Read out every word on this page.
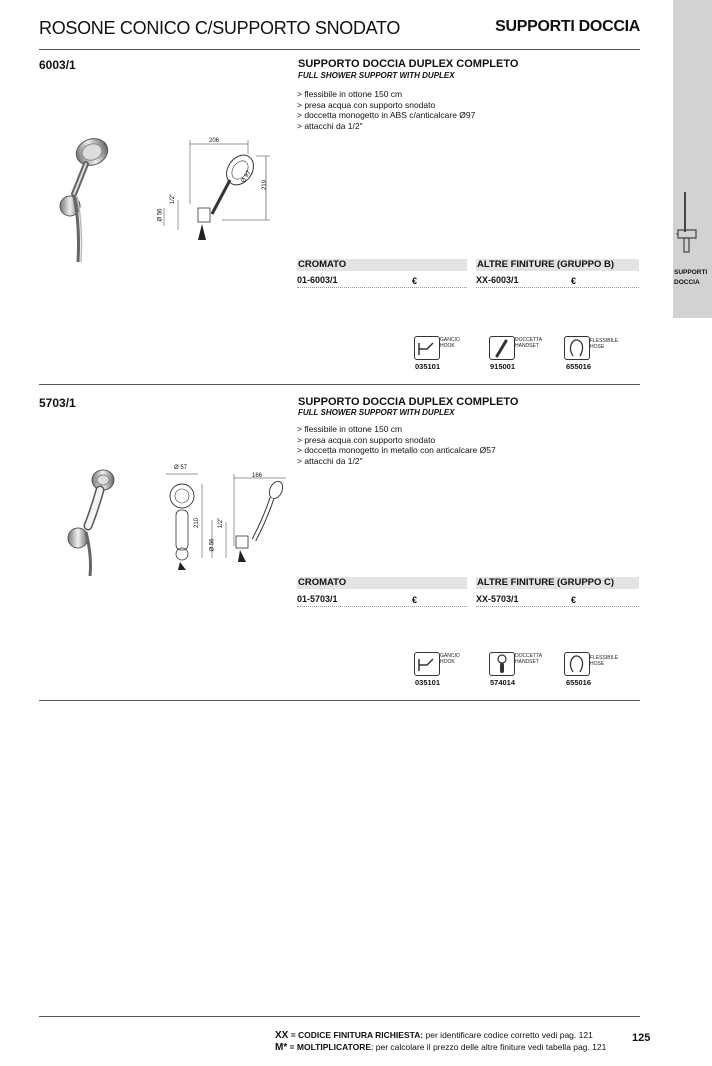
ROSONE CONICO C/SUPPORTO SNODATO	SUPPORTI DOCCIA
SUPPORTI
DOCCIA
6003/1	SUPPORTO DOCCIA DUPLEX COMPLETO
FULL SHOWER SUPPORT WITH DUPLEX
> flessibile in ottone 150 cm
> presa acqua con supporto snodato
> doccetta monogetto in ABS c/anticalcare Ø97
> attacchi da 1/2"
206
219
Ø 97
1/2"
Ø 56
CROMATO	ALTRE FINITURE (GRUPPO B)
01-6003/1	€	XX-6003/1	€
GANCIO
HOOK
035101
DOCCETTA
HANDSET
915001
FLESSIBILE
HOSE
655016
5703/1	SUPPORTO DOCCIA DUPLEX COMPLETO
FULL SHOWER SUPPORT WITH DUPLEX
> flessibile in ottone 150 cm
> presa acqua con supporto snodato
> doccetta monogetto in metallo con anticalcare Ø57
> attacchi da 1/2"
Ø 57
166
210
Ø 56
1/2"
CROMATO	ALTRE FINITURE (GRUPPO C)
01-5703/1	€	XX-5703/1	€
GANCIO
HOOK
035101
DOCCETTA
HANDSET
574014
FLESSIBILE
HOSE
655016
XX = CODICE FINITURA RICHIESTA: per identificare codice corretto vedi pag. 121
M* = MOLTIPLICATORE: per calcolare il prezzo delle altre finiture vedi tabella pag. 121
125
